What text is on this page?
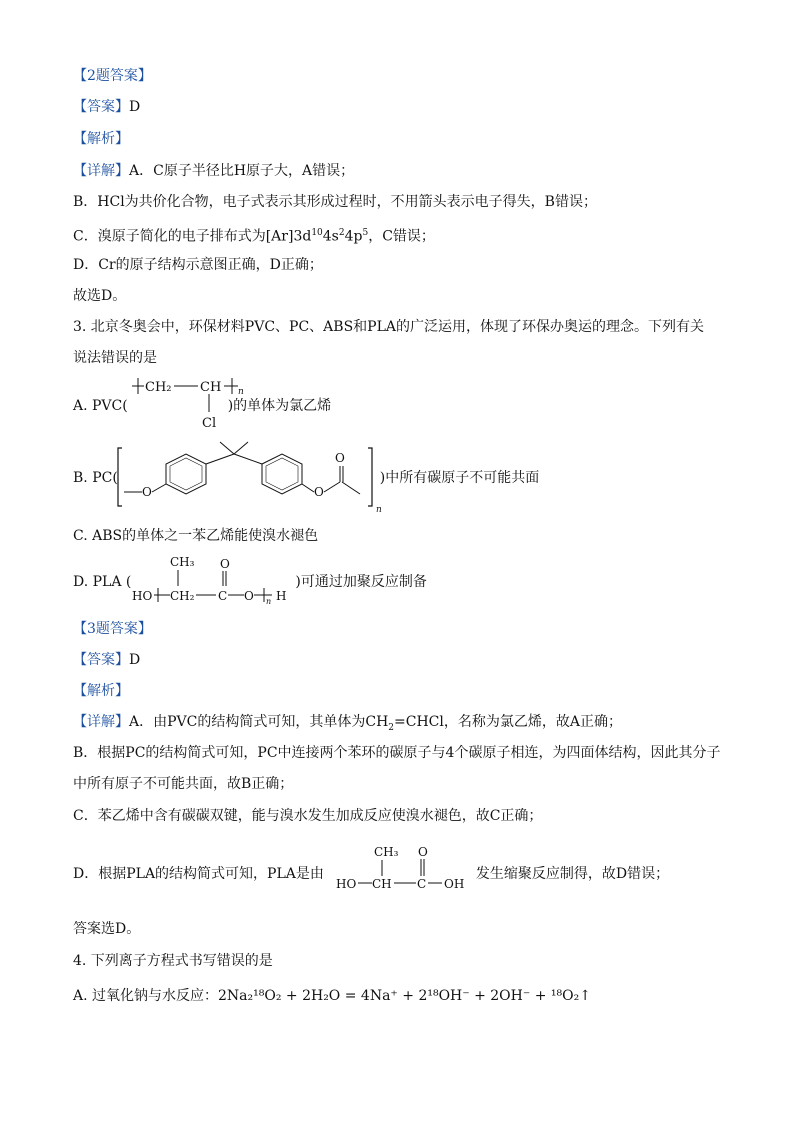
【2题答案】
【答案】D
【解析】
【详解】A．C原子半径比H原子大，A错误；
B．HCl为共价化合物，电子式表示其形成过程时，不用箭头表示电子得失，B错误；
C．溴原子简化的电子排布式为$[Ar]3d^{10}4s^24p^5$，C错误；
D．Cr的原子结构示意图正确，D正确；
故选D。
3. 北京冬奥会中，环保材料PVC、PC、ABS和PLA的广泛运用，体现了环保办奥运的理念。下列有关
说法错误的是
A. PVC(	)的单体为氯乙烯
CH₂ CH n
Cl
B. PC(	)中所有碳原子不可能共面
n
O	O
O
C. ABS的单体之一苯乙烯能使溴水褪色
D. PLA (	)可通过加聚反应制备
CH₃ O
HO CH₂ C O n H
【3题答案】
【答案】D
【解析】
【详解】A．由PVC的结构简式可知，其单体为$CH_2=CHCl$，名称为氯乙烯，故A正确；
B．根据PC的结构简式可知，PC中连接两个苯环的碳原子与4个碳原子相连，为四面体结构，因此其分子
中所有原子不可能共面，故B正确；
C．苯乙烯中含有碳碳双键，能与溴水发生加成反应使溴水褪色，故C正确；
D．根据PLA的结构简式可知，PLA是由	发生缩聚反应制得，故D错误；
CH₃ O
HO CH C OH
答案选D。
4. 下列离子方程式书写错误的是
A. 过氧化钠与水反应：2Na₂¹⁸O₂ + 2H₂O = 4Na⁺ + 2¹⁸OH⁻ + 2OH⁻ + ¹⁸O₂↑
